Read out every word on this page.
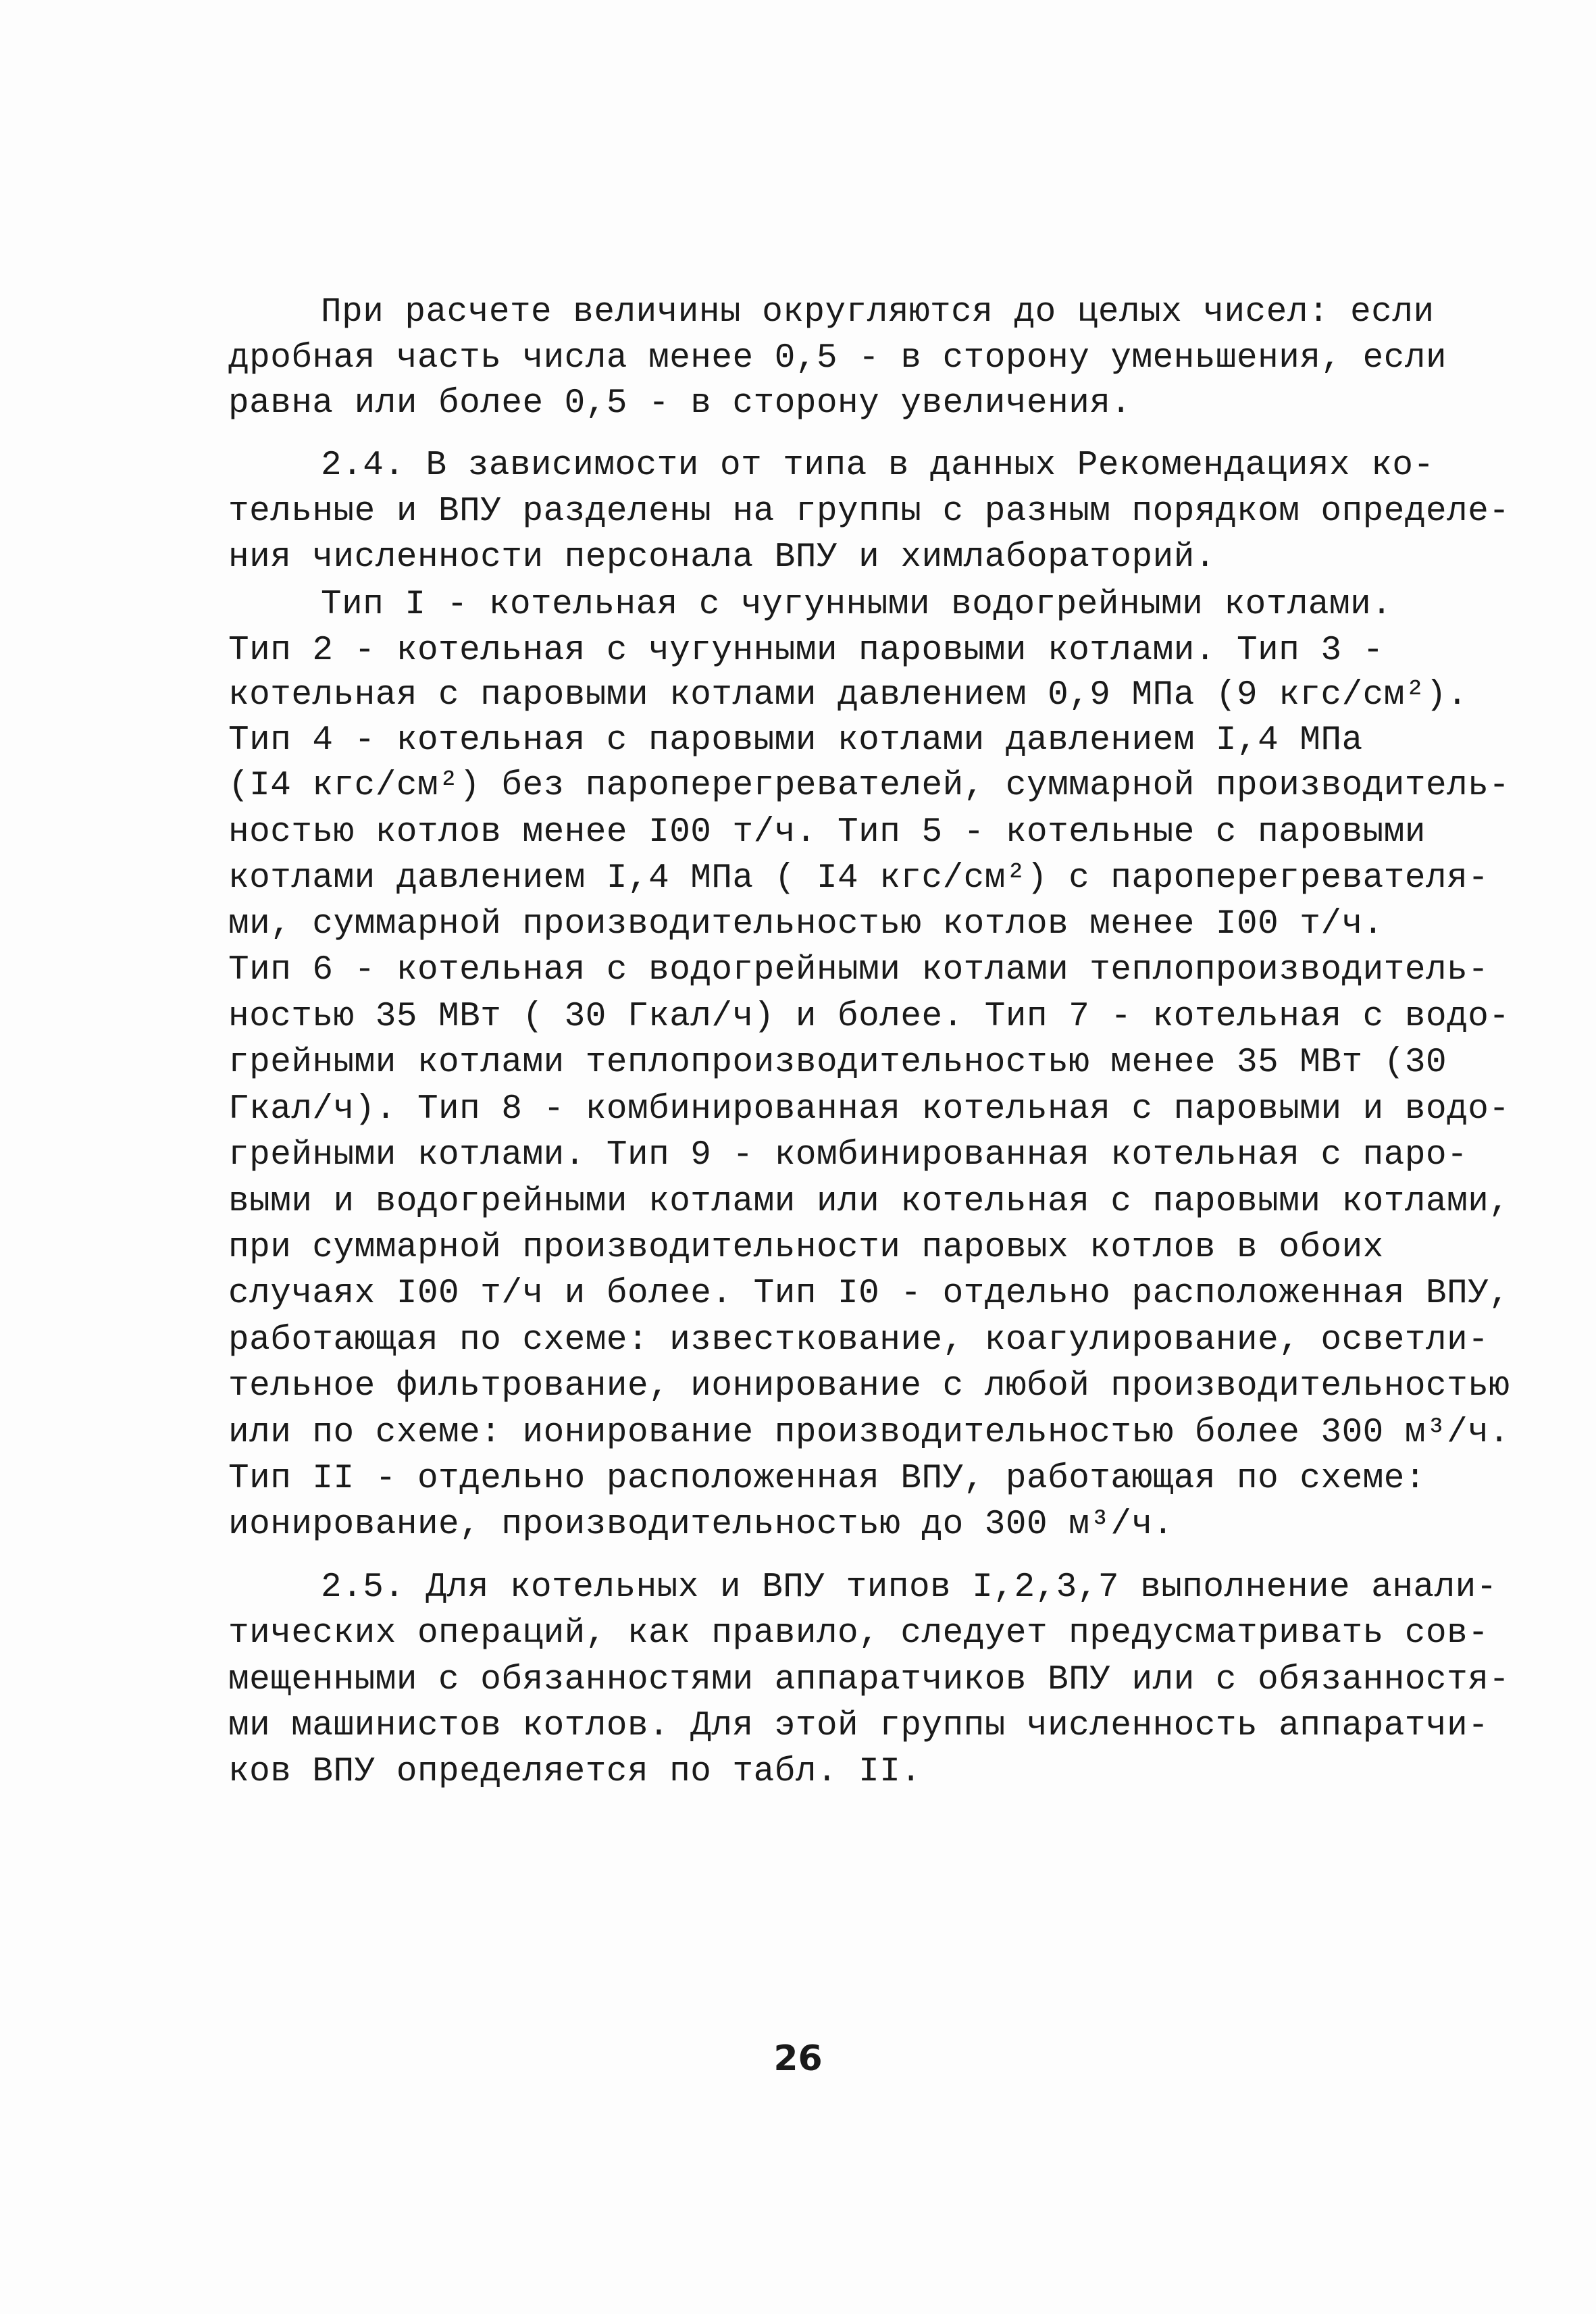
При расчете величины округляются до целых чисел: если
дробная часть числа менее 0,5 - в сторону уменьшения, если
равна или более 0,5 - в сторону увеличения.
2.4. В зависимости от типа в данных Рекомендациях ко-
тельные и ВПУ разделены на группы с разным порядком определе-
ния численности персонала ВПУ и химлабораторий.
Тип I - котельная с чугунными водогрейными котлами.
Тип 2 - котельная с чугунными паровыми котлами. Тип 3 -
котельная с паровыми котлами давлением 0,9 МПа (9 кгс/см²).
Тип 4 - котельная с паровыми котлами давлением I,4 МПа
(I4 кгс/см²) без пароперегревателей, суммарной производитель-
ностью котлов менее I00 т/ч. Тип 5 - котельные с паровыми
котлами давлением I,4 МПа ( I4 кгс/см²) с пароперегревателя-
ми, суммарной производительностью котлов менее I00 т/ч.
Тип 6 - котельная с водогрейными котлами теплопроизводитель-
ностью 35 МВт ( 30 Гкал/ч) и более. Тип 7 - котельная с водо-
грейными котлами теплопроизводительностью менее 35 МВт (30
Гкал/ч). Тип 8 - комбинированная котельная с паровыми и водо-
грейными котлами. Тип 9 - комбинированная котельная с паро-
выми и водогрейными котлами или котельная с паровыми котлами,
при суммарной производительности паровых котлов в обоих
случаях I00 т/ч и более. Тип I0 - отдельно расположенная ВПУ,
работающая по схеме: известкование, коагулирование, осветли-
тельное фильтрование, ионирование с любой производительностью
или по схеме: ионирование производительностью более 300 м³/ч.
Тип II - отдельно расположенная ВПУ, работающая по схеме:
ионирование, производительностью до 300 м³/ч.
2.5. Для котельных и ВПУ типов I,2,3,7 выполнение анали-
тических операций, как правило, следует предусматривать сов-
мещенными с обязанностями аппаратчиков ВПУ или с обязанностя-
ми машинистов котлов. Для этой группы численность аппаратчи-
ков ВПУ определяется по табл. II.
26
